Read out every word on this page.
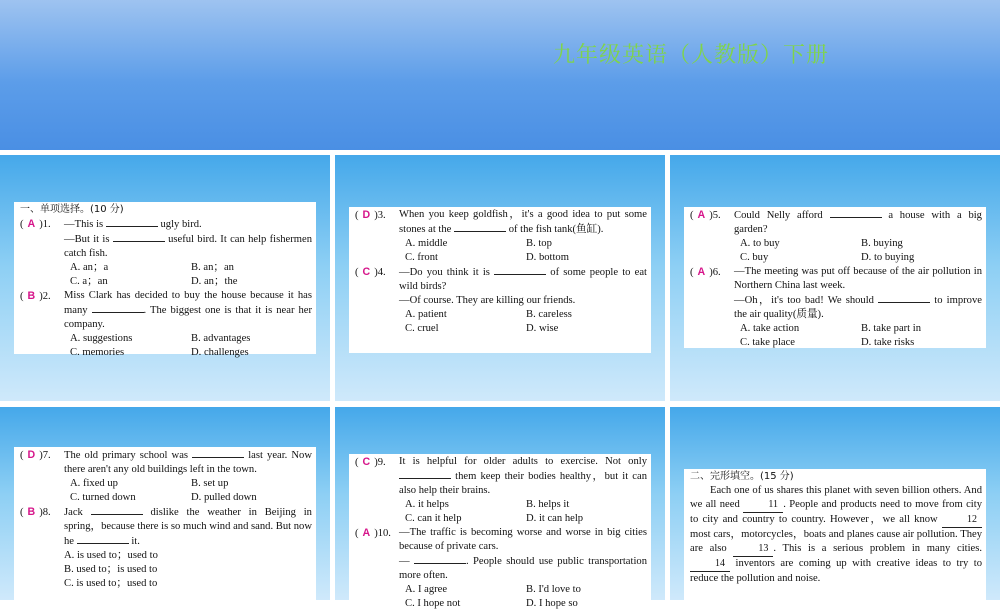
九年级英语（人教版）下册
一、单项选择。(10 分)
( A )1. —This is	ugly bird.
—But it is	useful bird. It can help fishermen catch fish.
A. an；a	B. an；an
C. a；an	D. an；the
( B )2. Miss Clark has decided to buy the house because it has many	. The biggest one is that it is near her company.
A. suggestions	B. advantages
C. memories	D. challenges
( D )3. When you keep goldfish，it's a good idea to put some stones at the	of the fish tank(鱼缸).
A. middle	B. top
C. front	D. bottom
( C )4. —Do you think it is	of some people to eat wild birds?
—Of course. They are killing our friends.
A. patient	B. careless
C. cruel	D. wise
( A )5. Could Nelly afford	a house with a big garden?
A. to buy	B. buying
C. buy	D. to buying
( A )6. —The meeting was put off because of the air pollution in Northern China last week.
—Oh，it's too bad! We should	to improve the air quality(质量).
A. take action	B. take part in
C. take place	D. take risks
( D )7. The old primary school was	last year. Now there aren't any old buildings left in the town.
A. fixed up	B. set up
C. turned down	D. pulled down
( B )8. Jack	dislike the weather in Beijing in spring，because there is so much wind and sand. But now he	it.
A. is used to；used to
B. used to；is used to
C. is used to；used to
( C )9. It is helpful for older adults to exercise. Not only  them keep their bodies healthy，but it can also help their brains.
A. it helps	B. helps it
C. can it help	D. it can help
( A )10. —The traffic is becoming worse and worse in big cities because of private cars.
—	. People should use public transportation more often.
A. I agree	B. I'd love to
C. I hope not	D. I hope so
二、完形填空。(15 分)
Each one of us shares this planet with seven billion others. And we all need	11 . People and products need to move from city to city and country to country. However，we all know	12 most cars，motorcycles，boats and planes cause air pollution. They are also	13 . This is a serious problem in many cities. 14 inventors are coming up with creative ideas to try to reduce the pollution and noise.
